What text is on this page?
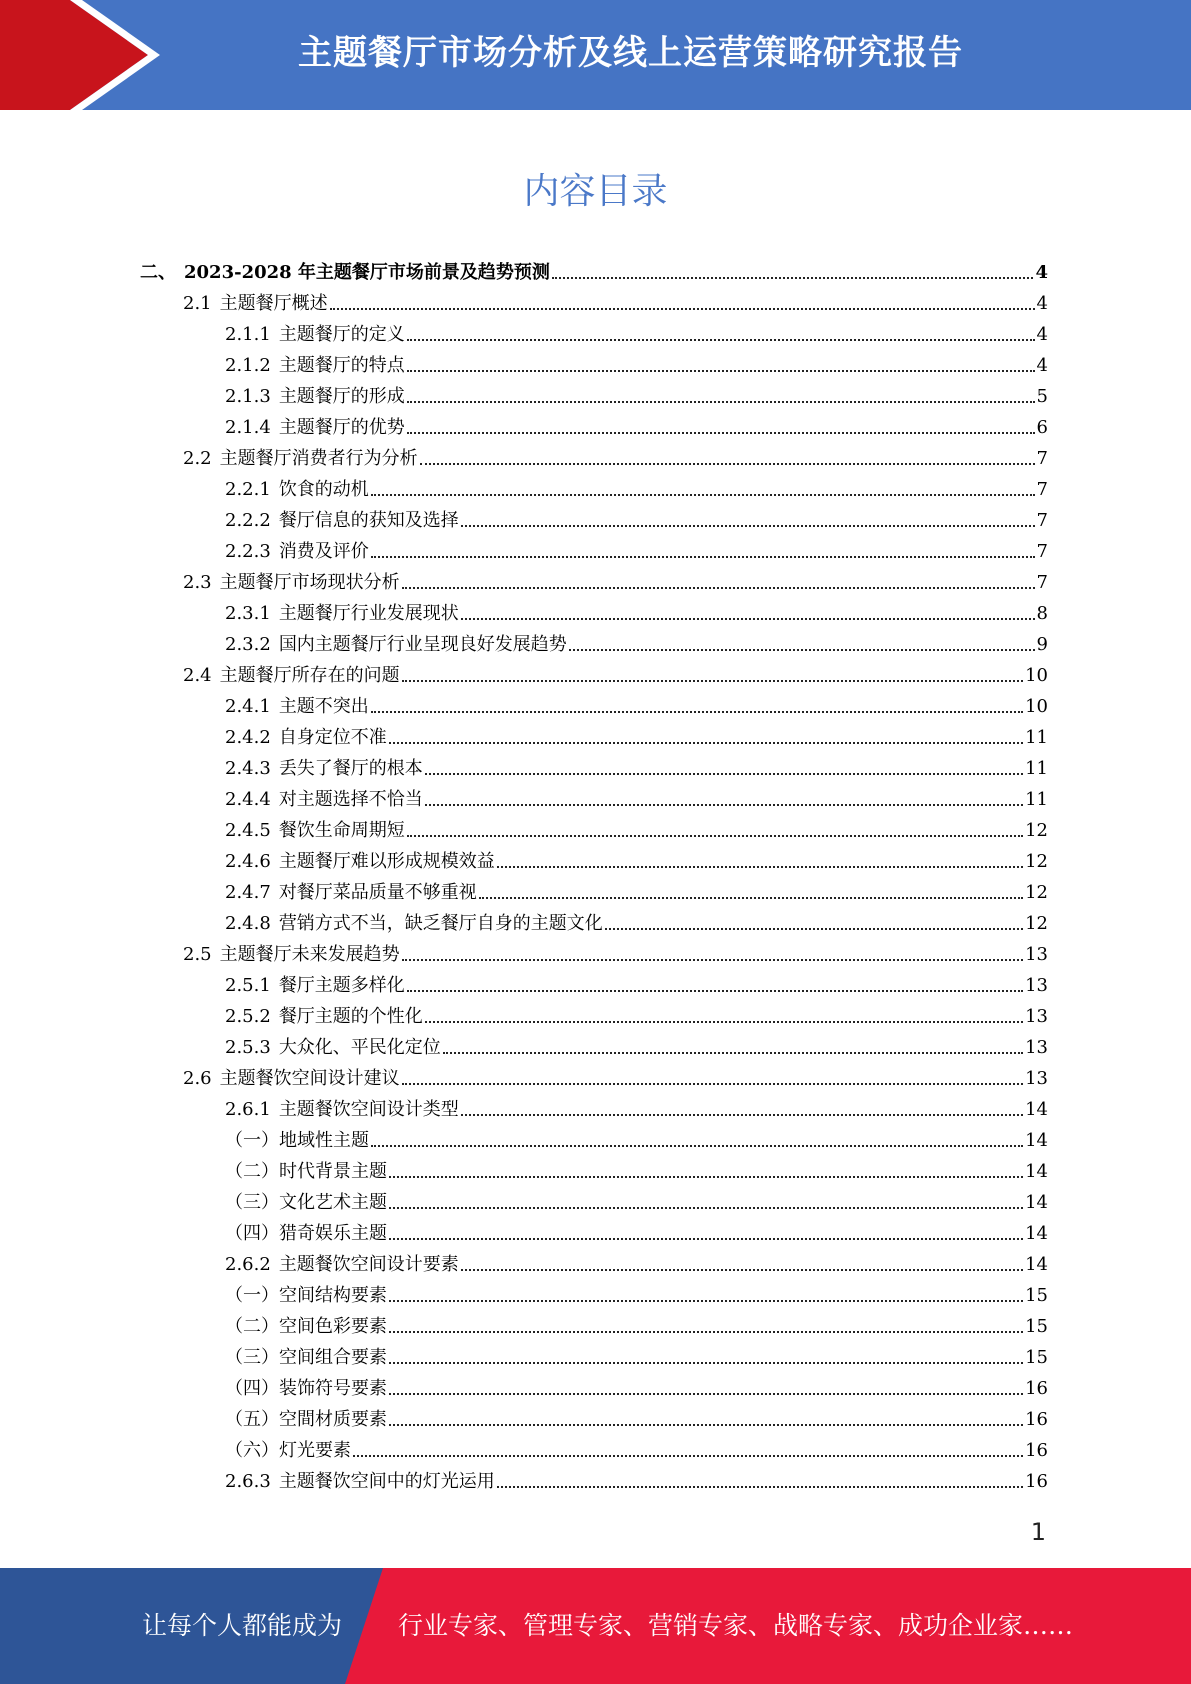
主题餐厅市场分析及线上运营策略研究报告
内容目录
二、 2023-2028 年主题餐厅市场前景及趋势预测	4
2.1 主题餐厅概述	4
2.1.1 主题餐厅的定义	4
2.1.2 主题餐厅的特点	4
2.1.3 主题餐厅的形成	5
2.1.4 主题餐厅的优势	6
2.2 主题餐厅消费者行为分析	7
2.2.1 饮食的动机	7
2.2.2 餐厅信息的获知及选择	7
2.2.3 消费及评价	7
2.3 主题餐厅市场现状分析	7
2.3.1 主题餐厅行业发展现状	8
2.3.2 国内主题餐厅行业呈现良好发展趋势	9
2.4 主题餐厅所存在的问题	10
2.4.1 主题不突出	10
2.4.2 自身定位不准	11
2.4.3 丢失了餐厅的根本	11
2.4.4 对主题选择不恰当	11
2.4.5 餐饮生命周期短	12
2.4.6 主题餐厅难以形成规模效益	12
2.4.7 对餐厅菜品质量不够重视	12
2.4.8 营销方式不当，缺乏餐厅自身的主题文化	12
2.5 主题餐厅未来发展趋势	13
2.5.1 餐厅主题多样化	13
2.5.2 餐厅主题的个性化	13
2.5.3 大众化、平民化定位	13
2.6 主题餐饮空间设计建议	13
2.6.1 主题餐饮空间设计类型	14
（一）地域性主题	14
（二）时代背景主题	14
（三）文化艺术主题	14
（四）猎奇娱乐主题	14
2.6.2 主题餐饮空间设计要素	14
（一）空间结构要素	15
（二）空间色彩要素	15
（三）空间组合要素	15
（四）装饰符号要素	16
（五）空間材质要素	16
（六）灯光要素	16
2.6.3 主题餐饮空间中的灯光运用	16
1
让每个人都能成为 行业专家、管理专家、营销专家、战略专家、成功企业家……
